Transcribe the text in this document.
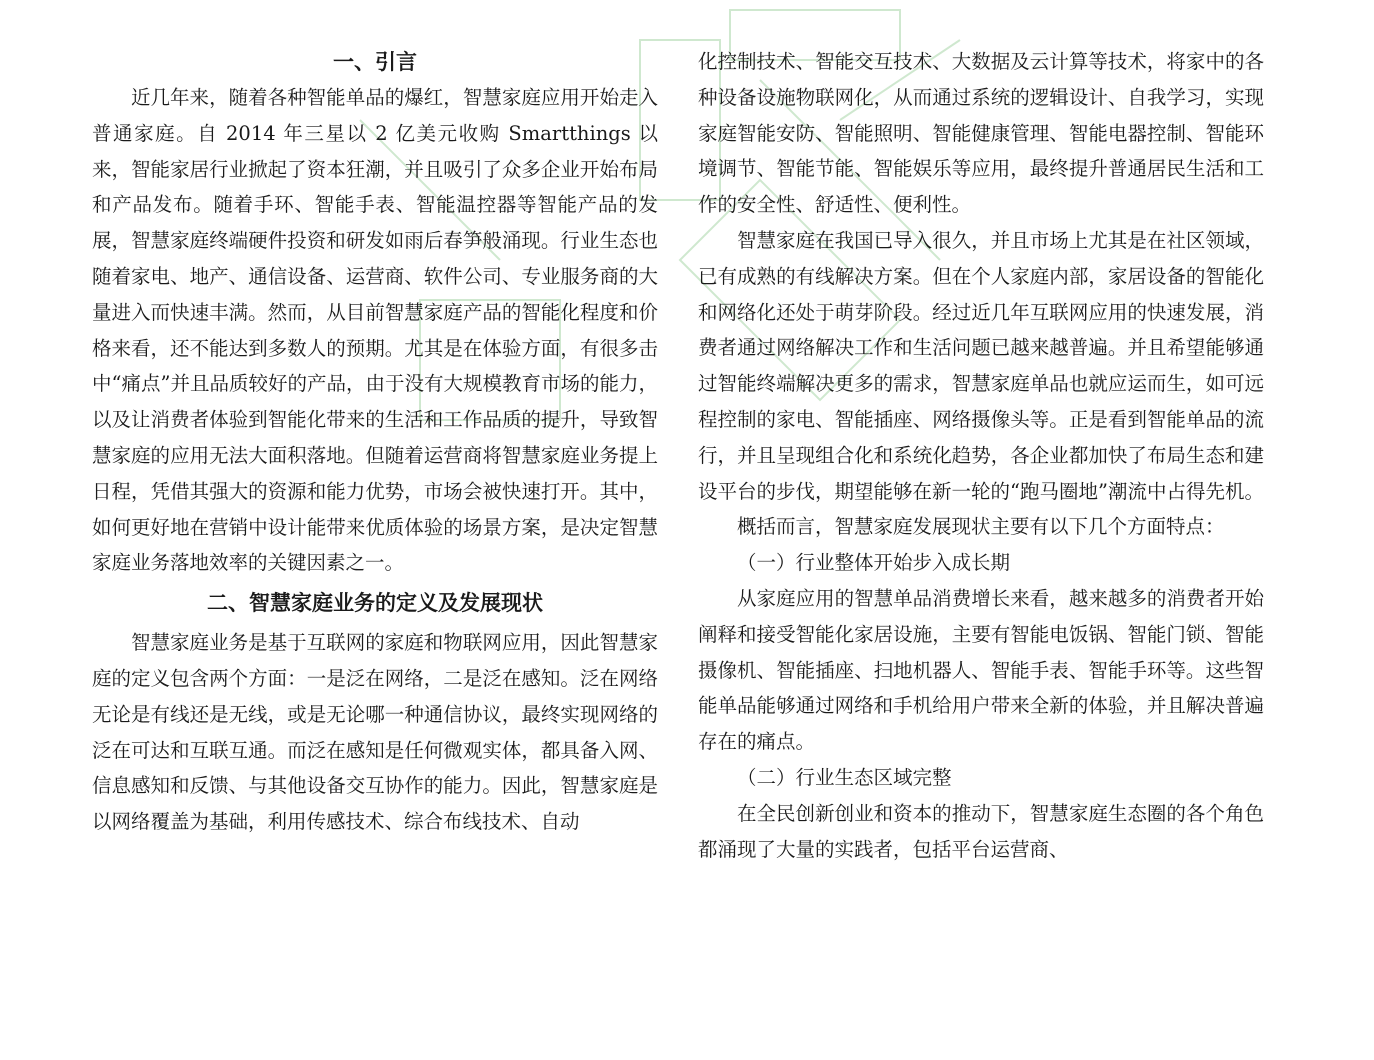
一、引言

近几年来，随着各种智能单品的爆红，智慧家庭应用开始走入普通家庭。自 2014 年三星以 2 亿美元收购 Smartthings 以来，智能家居行业掀起了资本狂潮，并且吸引了众多企业开始布局和产品发布。随着手环、智能手表、智能温控器等智能产品的发展，智慧家庭终端硬件投资和研发如雨后春笋般涌现。行业生态也随着家电、地产、通信设备、运营商、软件公司、专业服务商的大量进入而快速丰满。然而，从目前智慧家庭产品的智能化程度和价格来看，还不能达到多数人的预期。尤其是在体验方面，有很多击中“痛点”并且品质较好的产品，由于没有大规模教育市场的能力，以及让消费者体验到智能化带来的生活和工作品质的提升，导致智慧家庭的应用无法大面积落地。但随着运营商将智慧家庭业务提上日程，凭借其强大的资源和能力优势，市场会被快速打开。其中，如何更好地在营销中设计能带来优质体验的场景方案，是决定智慧家庭业务落地效率的关键因素之一。

二、智慧家庭业务的定义及发展现状

智慧家庭业务是基于互联网的家庭和物联网应用，因此智慧家庭的定义包含两个方面：一是泛在网络，二是泛在感知。泛在网络无论是有线还是无线，或是无论哪一种通信协议，最终实现网络的泛在可达和互联互通。而泛在感知是任何微观实体，都具备入网、信息感知和反馈、与其他设备交互协作的能力。因此，智慧家庭是以网络覆盖为基础，利用传感技术、综合布线技术、自动

化控制技术、智能交互技术、大数据及云计算等技术，将家中的各种设备设施物联网化，从而通过系统的逻辑设计、自我学习，实现家庭智能安防、智能照明、智能健康管理、智能电器控制、智能环境调节、智能节能、智能娱乐等应用，最终提升普通居民生活和工作的安全性、舒适性、便利性。

智慧家庭在我国已导入很久，并且市场上尤其是在社区领域，已有成熟的有线解决方案。但在个人家庭内部，家居设备的智能化和网络化还处于萌芽阶段。经过近几年互联网应用的快速发展，消费者通过网络解决工作和生活问题已越来越普遍。并且希望能够通过智能终端解决更多的需求，智慧家庭单品也就应运而生，如可远程控制的家电、智能插座、网络摄像头等。正是看到智能单品的流行，并且呈现组合化和系统化趋势，各企业都加快了布局生态和建设平台的步伐，期望能够在新一轮的“跑马圈地”潮流中占得先机。

概括而言，智慧家庭发展现状主要有以下几个方面特点：

（一）行业整体开始步入成长期

从家庭应用的智慧单品消费增长来看，越来越多的消费者开始阐释和接受智能化家居设施，主要有智能电饭锅、智能门锁、智能摄像机、智能插座、扫地机器人、智能手表、智能手环等。这些智能单品能够通过网络和手机给用户带来全新的体验，并且解决普遍存在的痛点。

（二）行业生态区域完整

在全民创新创业和资本的推动下，智慧家庭生态圈的各个角色都涌现了大量的实践者，包括平台运营商、
